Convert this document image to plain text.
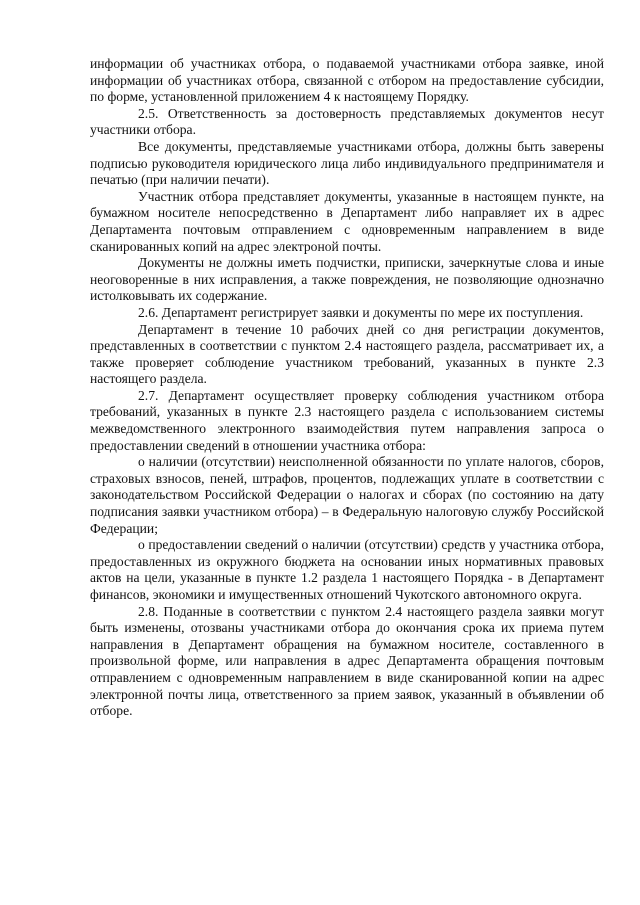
информации об участниках отбора, о подаваемой участниками отбора заявке, иной информации об участниках отбора, связанной с отбором на предоставление субсидии, по форме, установленной приложением 4 к настоящему Порядку.

2.5. Ответственность за достоверность представляемых документов несут участники отбора.

Все документы, представляемые участниками отбора, должны быть заверены подписью руководителя юридического лица либо индивидуального предпринимателя и печатью (при наличии печати).

Участник отбора представляет документы, указанные в настоящем пункте, на бумажном носителе непосредственно в Департамент либо направляет их в адрес Департамента почтовым отправлением с одновременным направлением в виде сканированных копий на адрес электроной почты.

Документы не должны иметь подчистки, приписки, зачеркнутые слова и иные неоговоренные в них исправления, а также повреждения, не позволяющие однозначно истолковывать их содержание.

2.6. Департамент регистрирует заявки и документы по мере их поступления.

Департамент в течение 10 рабочих дней со дня регистрации документов, представленных в соответствии с пунктом 2.4 настоящего раздела, рассматривает их, а также проверяет соблюдение участником требований, указанных в пункте 2.3 настоящего раздела.

2.7. Департамент осуществляет проверку соблюдения участником отбора требований, указанных в пункте 2.3 настоящего раздела с использованием системы межведомственного электронного взаимодействия путем направления запроса о предоставлении сведений в отношении участника отбора:

о наличии (отсутствии) неисполненной обязанности по уплате налогов, сборов, страховых взносов, пеней, штрафов, процентов, подлежащих уплате в соответствии с законодательством Российской Федерации о налогах и сборах (по состоянию на дату подписания заявки участником отбора) – в Федеральную налоговую службу Российской Федерации;

о предоставлении сведений о наличии (отсутствии) средств у участника отбора, предоставленных из окружного бюджета на основании иных нормативных правовых актов на цели, указанные в пункте 1.2 раздела 1 настоящего Порядка - в Департамент финансов, экономики и имущественных отношений Чукотского автономного округа.

2.8. Поданные в соответствии с пунктом 2.4 настоящего раздела заявки могут быть изменены, отозваны участниками отбора до окончания срока их приема путем направления в Департамент обращения на бумажном носителе, составленного в произвольной форме, или направления в адрес Департамента обращения почтовым отправлением с одновременным направлением в виде сканированной копии на адрес электронной почты лица, ответственного за прием заявок, указанный в объявлении об отборе.
